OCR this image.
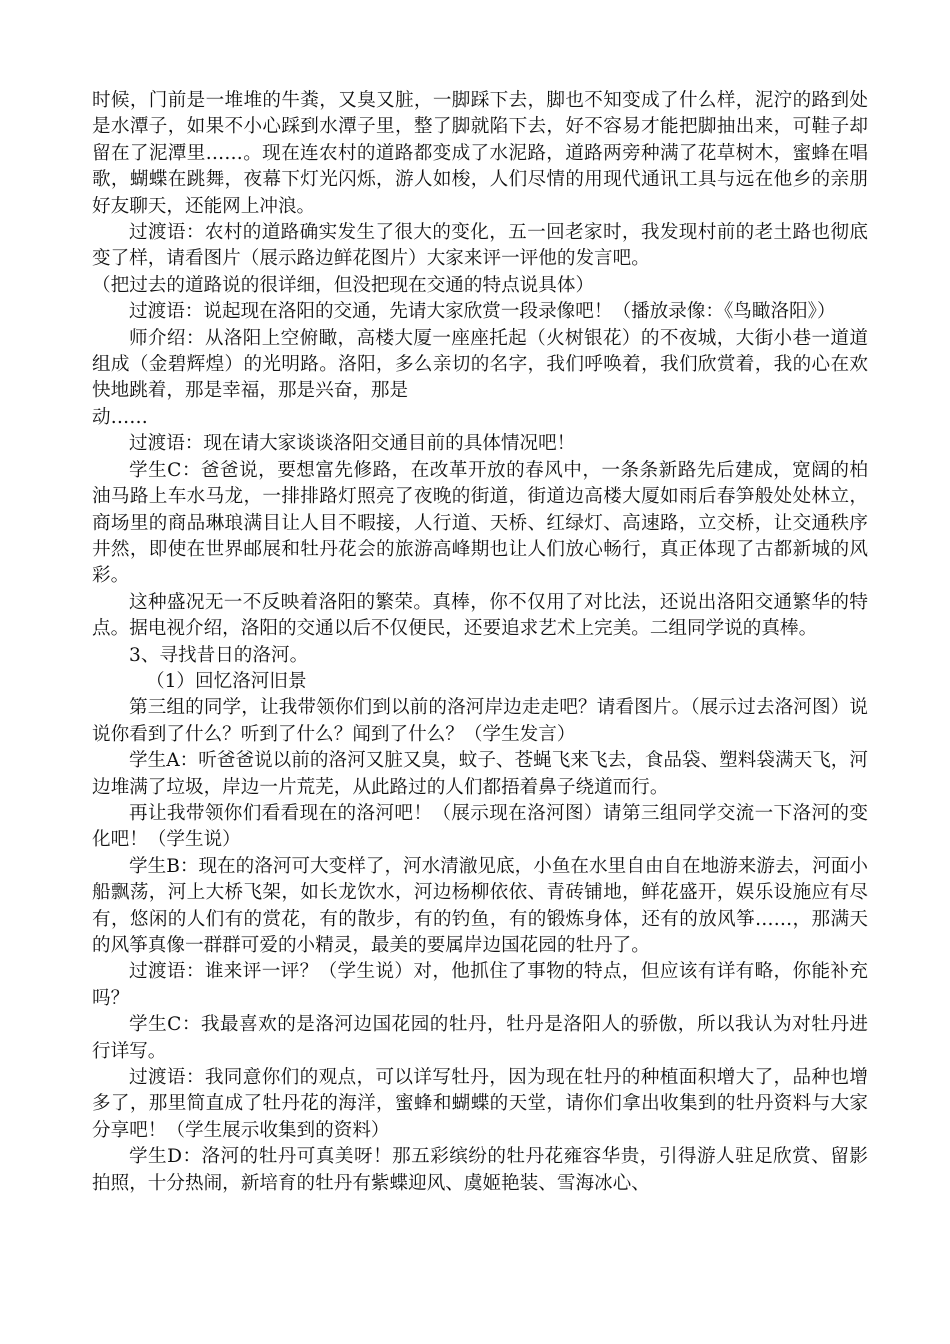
时候，门前是一堆堆的牛粪，又臭又脏，一脚踩下去，脚也不知变成了什么样，泥泞的路到处是水潭子，如果不小心踩到水潭子里，整了脚就陷下去，好不容易才能把脚抽出来，可鞋子却留在了泥潭里……。现在连农村的道路都变成了水泥路，道路两旁种满了花草树木，蜜蜂在唱歌，蝴蝶在跳舞，夜幕下灯光闪烁，游人如梭，人们尽情的用现代通讯工具与远在他乡的亲朋好友聊天，还能网上冲浪。

过渡语：农村的道路确实发生了很大的变化，五一回老家时，我发现村前的老土路也彻底变了样，请看图片（展示路边鲜花图片）大家来评一评他的发言吧。

（把过去的道路说的很详细，但没把现在交通的特点说具体）

过渡语：说起现在洛阳的交通，先请大家欣赏一段录像吧！（播放录像：《鸟瞰洛阳》）

师介绍：从洛阳上空俯瞰，高楼大厦一座座托起（火树银花）的不夜城，大街小巷一道道组成（金碧辉煌）的光明路。洛阳，多么亲切的名字，我们呼唤着，我们欣赏着，我的心在欢快地跳着，那是幸福，那是兴奋，那是

动……

过渡语：现在请大家谈谈洛阳交通目前的具体情况吧！

学生C：爸爸说，要想富先修路，在改革开放的春风中，一条条新路先后建成，宽阔的柏油马路上车水马龙，一排排路灯照亮了夜晚的街道，街道边高楼大厦如雨后春笋般处处林立，商场里的商品琳琅满目让人目不暇接，人行道、天桥、红绿灯、高速路，立交桥，让交通秩序井然，即使在世界邮展和牡丹花会的旅游高峰期也让人们放心畅行，真正体现了古都新城的风彩。

这种盛况无一不反映着洛阳的繁荣。真棒，你不仅用了对比法，还说出洛阳交通繁华的特点。据电视介绍，洛阳的交通以后不仅便民，还要追求艺术上完美。二组同学说的真棒。

3、寻找昔日的洛河。

（1）回忆洛河旧景

第三组的同学，让我带领你们到以前的洛河岸边走走吧？请看图片。（展示过去洛河图）说说你看到了什么？听到了什么？闻到了什么？（学生发言）

学生A：听爸爸说以前的洛河又脏又臭，蚊子、苍蝇飞来飞去，食品袋、塑料袋满天飞，河边堆满了垃圾，岸边一片荒芜，从此路过的人们都捂着鼻子绕道而行。

再让我带领你们看看现在的洛河吧！（展示现在洛河图）请第三组同学交流一下洛河的变化吧！（学生说）

学生B：现在的洛河可大变样了，河水清澈见底，小鱼在水里自由自在地游来游去，河面小船飘荡，河上大桥飞架，如长龙饮水，河边杨柳依依、青砖铺地，鲜花盛开，娱乐设施应有尽有，悠闲的人们有的赏花，有的散步，有的钓鱼，有的锻炼身体，还有的放风筝……，那满天的风筝真像一群群可爱的小精灵，最美的要属岸边国花园的牡丹了。

过渡语：谁来评一评？（学生说）对，他抓住了事物的特点，但应该有详有略，你能补充吗？

学生C：我最喜欢的是洛河边国花园的牡丹，牡丹是洛阳人的骄傲，所以我认为对牡丹进行详写。

过渡语：我同意你们的观点，可以详写牡丹，因为现在牡丹的种植面积增大了，品种也增多了，那里简直成了牡丹花的海洋，蜜蜂和蝴蝶的天堂，请你们拿出收集到的牡丹资料与大家分享吧！（学生展示收集到的资料）

学生D：洛河的牡丹可真美呀！那五彩缤纷的牡丹花雍容华贵，引得游人驻足欣赏、留影拍照，十分热闹，新培育的牡丹有紫蝶迎风、虞姬艳装、雪海冰心、
